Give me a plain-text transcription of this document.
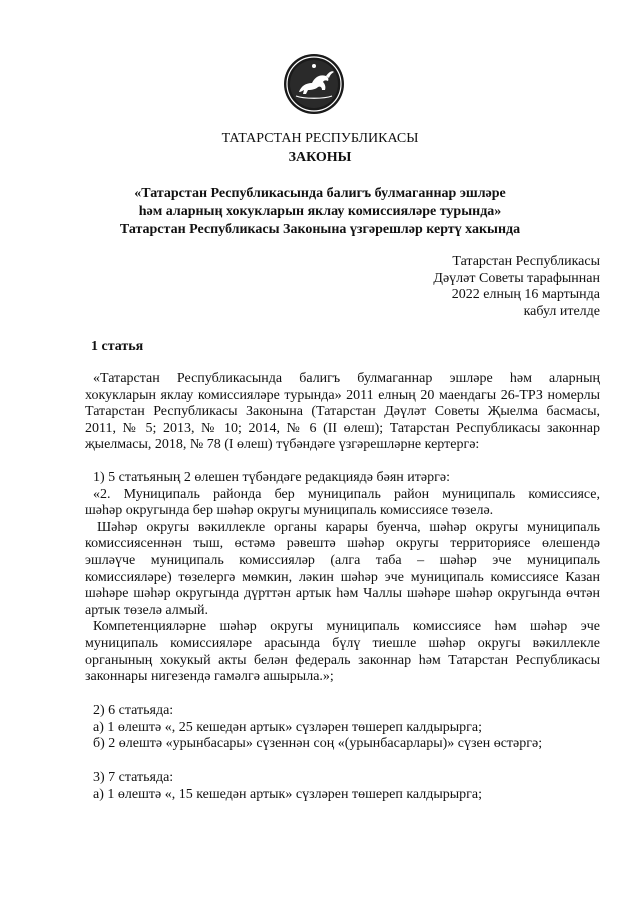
ТАТАРСТАН РЕСПУБЛИКАСЫ
ЗАКОНЫ
«Татарстан Республикасында балигъ булмаганнар эшләре
һәм аларның хокукларын яклау комиссияләре турында»
Татарстан Республикасы Законына үзгәрешләр кертү хакында
Татарстан Республикасы
Дәүләт Советы тарафыннан
2022 елның 16 мартында
кабул ителде
1 статья
«Татарстан Республикасында балигъ булмаганнар эшләре һәм аларның
хокукларын яклау комиссияләре турында» 2011 елның 20 маендагы 26-ТРЗ номерлы
Татарстан Республикасы Законына (Татарстан Дәүләт Советы Җыелма басмасы,
2011, № 5; 2013, № 10; 2014, № 6 (II өлеш); Татарстан Республикасы законнар
җыелмасы, 2018, № 78 (I өлеш) түбәндәге үзгәрешләрне кертергә:
1) 5 статьяның 2 өлешен түбәндәге редакциядә бәян итәргә:
«2. Муниципаль районда бер муниципаль район муниципаль комиссиясе,
шәһәр округында бер шәһәр округы муниципаль комиссиясе төзелә.
Шәһәр округы вәкиллекле органы карары буенча, шәһәр округы муниципаль
комиссиясеннән тыш, өстәмә рәвештә шәһәр округы территориясе өлешендә
эшләүче муниципаль комиссияләр (алга таба – шәһәр эче муниципаль
комиссияләре) төзелергә мөмкин, ләкин шәһәр эче муниципаль комиссиясе Казан
шәһәре шәһәр округында дүрттән артык һәм Чаллы шәһәре шәһәр округында өчтән
артык төзелә алмый.
Компетенцияләрне шәһәр округы муниципаль комиссиясе һәм шәһәр эче
муниципаль комиссияләре арасында бүлү тиешле шәһәр округы вәкиллекле
органының хокукый акты белән федераль законнар һәм Татарстан Республикасы
законнары нигезендә гамәлгә ашырыла.»;
2) 6 статьяда:
а) 1 өлештә «, 25 кешедән артык» сүзләрен төшереп калдырырга;
б) 2 өлештә «урынбасары» сүзеннән соң «(урынбасарлары)» сүзен өстәргә;
3) 7 статьяда:
а) 1 өлештә «, 15 кешедән артык» сүзләрен төшереп калдырырга;
